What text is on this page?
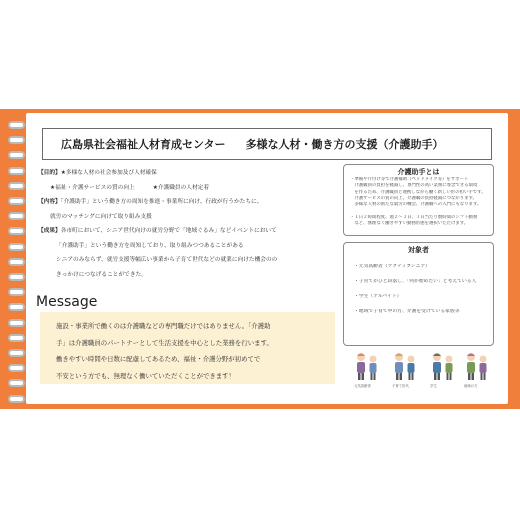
広島県社会福祉人材育成センター 多様な人材・働き方の支援（介護助手）
【目的】★多様な人材の社会参加及び人材確保
★福祉・介護サービスの質の向上	★介護職員の人材定着
【内容】「介護助手」という働き方の周知を推進・事業所に向け、行政が行うかたちに、
就労のマッチングに向けて取り組み支援
【成果】各市町において、シニア世代向けの就労分野で「地域ぐるみ」などイベントにおいて
「介護助手」という働き方を周知しており、取り組みつつあることがある
シニアのみならず、就労支援等幅広い事業から子育て世代などの就業に向けた機会のの
きっかけにつなげることができた。
Message
施設・事業所で働くのは介護職などの専門職だけではありません。「介護助
手」は介護職員のパートナーとして生活支援を中心とした業務を行います。
働きやすい時間や日数に配慮してあるため、福祉・介護分野が初めてで
不安という方でも、無理なく働いていただくことができます！
介護助手とは
・準備や片付け等で介護補助（ベッドメイク等）をサポート
　介護職員の負担を軽減し、専門性の高い業務に専念できる環境
　を作るため、介護職員と連携しながら働く新しい形の担い手です。
　介護サービスの質の向上、介護職の負担軽減につながります。
　多様な人材の新たな就労の機会、介護職への入門にもなります。

・１日２時間程度、週２〜３日、１日当たり数時間のシフト勤務
　など、無理なく働きやすい勤務形態を選択いただけます。
対象者
・元気高齢者（アクティブシニア）
・子育てがひと段落し、「何か始めたい」と考えている人
・学生（アルバイト）
・地域で子育て中の方、介護を受けている家族等
元気高齢者	子育て世代	学生	地域の方
